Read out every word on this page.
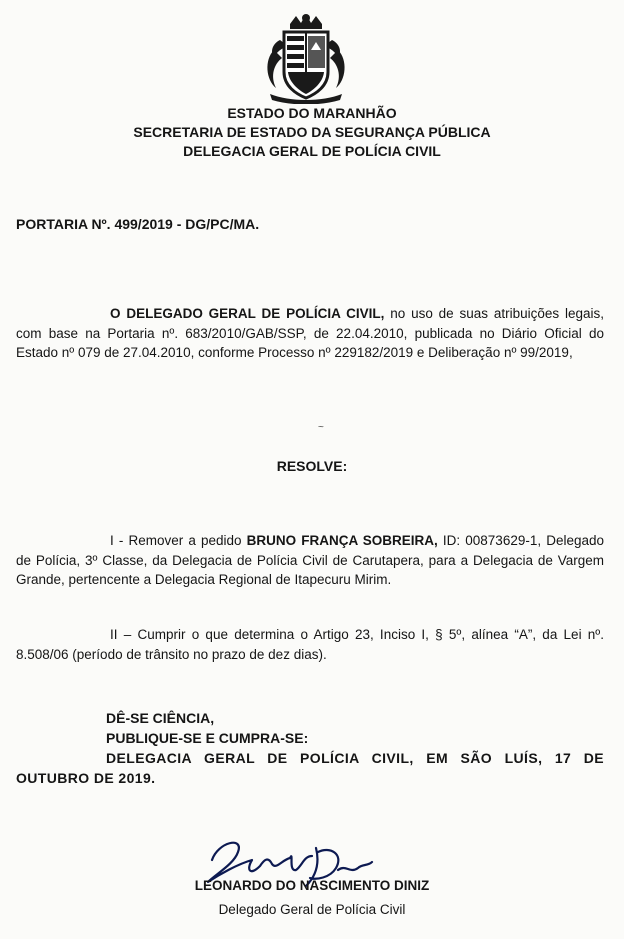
ESTADO DO MARANHÃO
SECRETARIA DE ESTADO DA SEGURANÇA PÚBLICA
DELEGACIA GERAL DE POLÍCIA CIVIL
PORTARIA Nº. 499/2019 - DG/PC/MA.
O DELEGADO GERAL DE POLÍCIA CIVIL, no uso de suas atribuições legais, com base na Portaria nº. 683/2010/GAB/SSP, de 22.04.2010, publicada no Diário Oficial do Estado nº 079 de 27.04.2010, conforme Processo nº 229182/2019 e Deliberação nº 99/2019,
~
RESOLVE:
I - Remover a pedido BRUNO FRANÇA SOBREIRA, ID: 00873629-1, Delegado de Polícia, 3º Classe, da Delegacia de Polícia Civil de Carutapera, para a Delegacia de Vargem Grande, pertencente a Delegacia Regional de Itapecuru Mirim.
II – Cumprir o que determina o Artigo 23, Inciso I, § 5º, alínea “A”, da Lei nº. 8.508/06 (período de trânsito no prazo de dez dias).
DÊ-SE CIÊNCIA,
PUBLIQUE-SE E CUMPRA-SE:
DELEGACIA GERAL DE POLÍCIA CIVIL, EM SÃO LUÍS, 17 DE OUTUBRO DE 2019.
LEONARDO DO NASCIMENTO DINIZ
Delegado Geral de Polícia Civil
